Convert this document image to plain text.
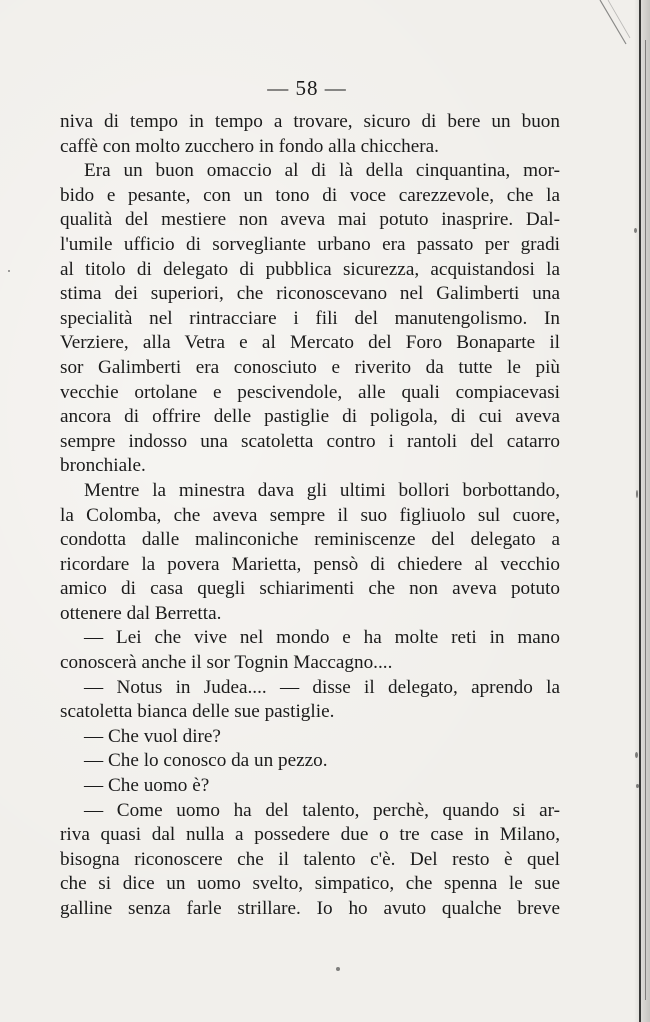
— 58 —
niva di tempo in tempo a trovare, sicuro di bere un buon
caffè con molto zucchero in fondo alla chicchera.
Era un buon omaccio al di là della cinquantina, mor-
bido e pesante, con un tono di voce carezzevole, che la
qualità del mestiere non aveva mai potuto inasprire. Dal-
l'umile ufficio di sorvegliante urbano era passato per gradi
al titolo di delegato di pubblica sicurezza, acquistandosi la
stima dei superiori, che riconoscevano nel Galimberti una
specialità nel rintracciare i fili del manutengolismo. In
Verziere, alla Vetra e al Mercato del Foro Bonaparte il
sor Galimberti era conosciuto e riverito da tutte le più
vecchie ortolane e pescivendole, alle quali compiacevasi
ancora di offrire delle pastiglie di poligola, di cui aveva
sempre indosso una scatoletta contro i rantoli del catarro
bronchiale.
Mentre la minestra dava gli ultimi bollori borbottando,
la Colomba, che aveva sempre il suo figliuolo sul cuore,
condotta dalle malinconiche reminiscenze del delegato a
ricordare la povera Marietta, pensò di chiedere al vecchio
amico di casa quegli schiarimenti che non aveva potuto
ottenere dal Berretta.
— Lei che vive nel mondo e ha molte reti in mano
conoscerà anche il sor Tognin Maccagno....
— Notus in Judea.... — disse il delegato, aprendo la
scatoletta bianca delle sue pastiglie.
— Che vuol dire?
— Che lo conosco da un pezzo.
— Che uomo è?
— Come uomo ha del talento, perchè, quando si ar-
riva quasi dal nulla a possedere due o tre case in Milano,
bisogna riconoscere che il talento c'è. Del resto è quel
che si dice un uomo svelto, simpatico, che spenna le sue
galline senza farle strillare. Io ho avuto qualche breve
